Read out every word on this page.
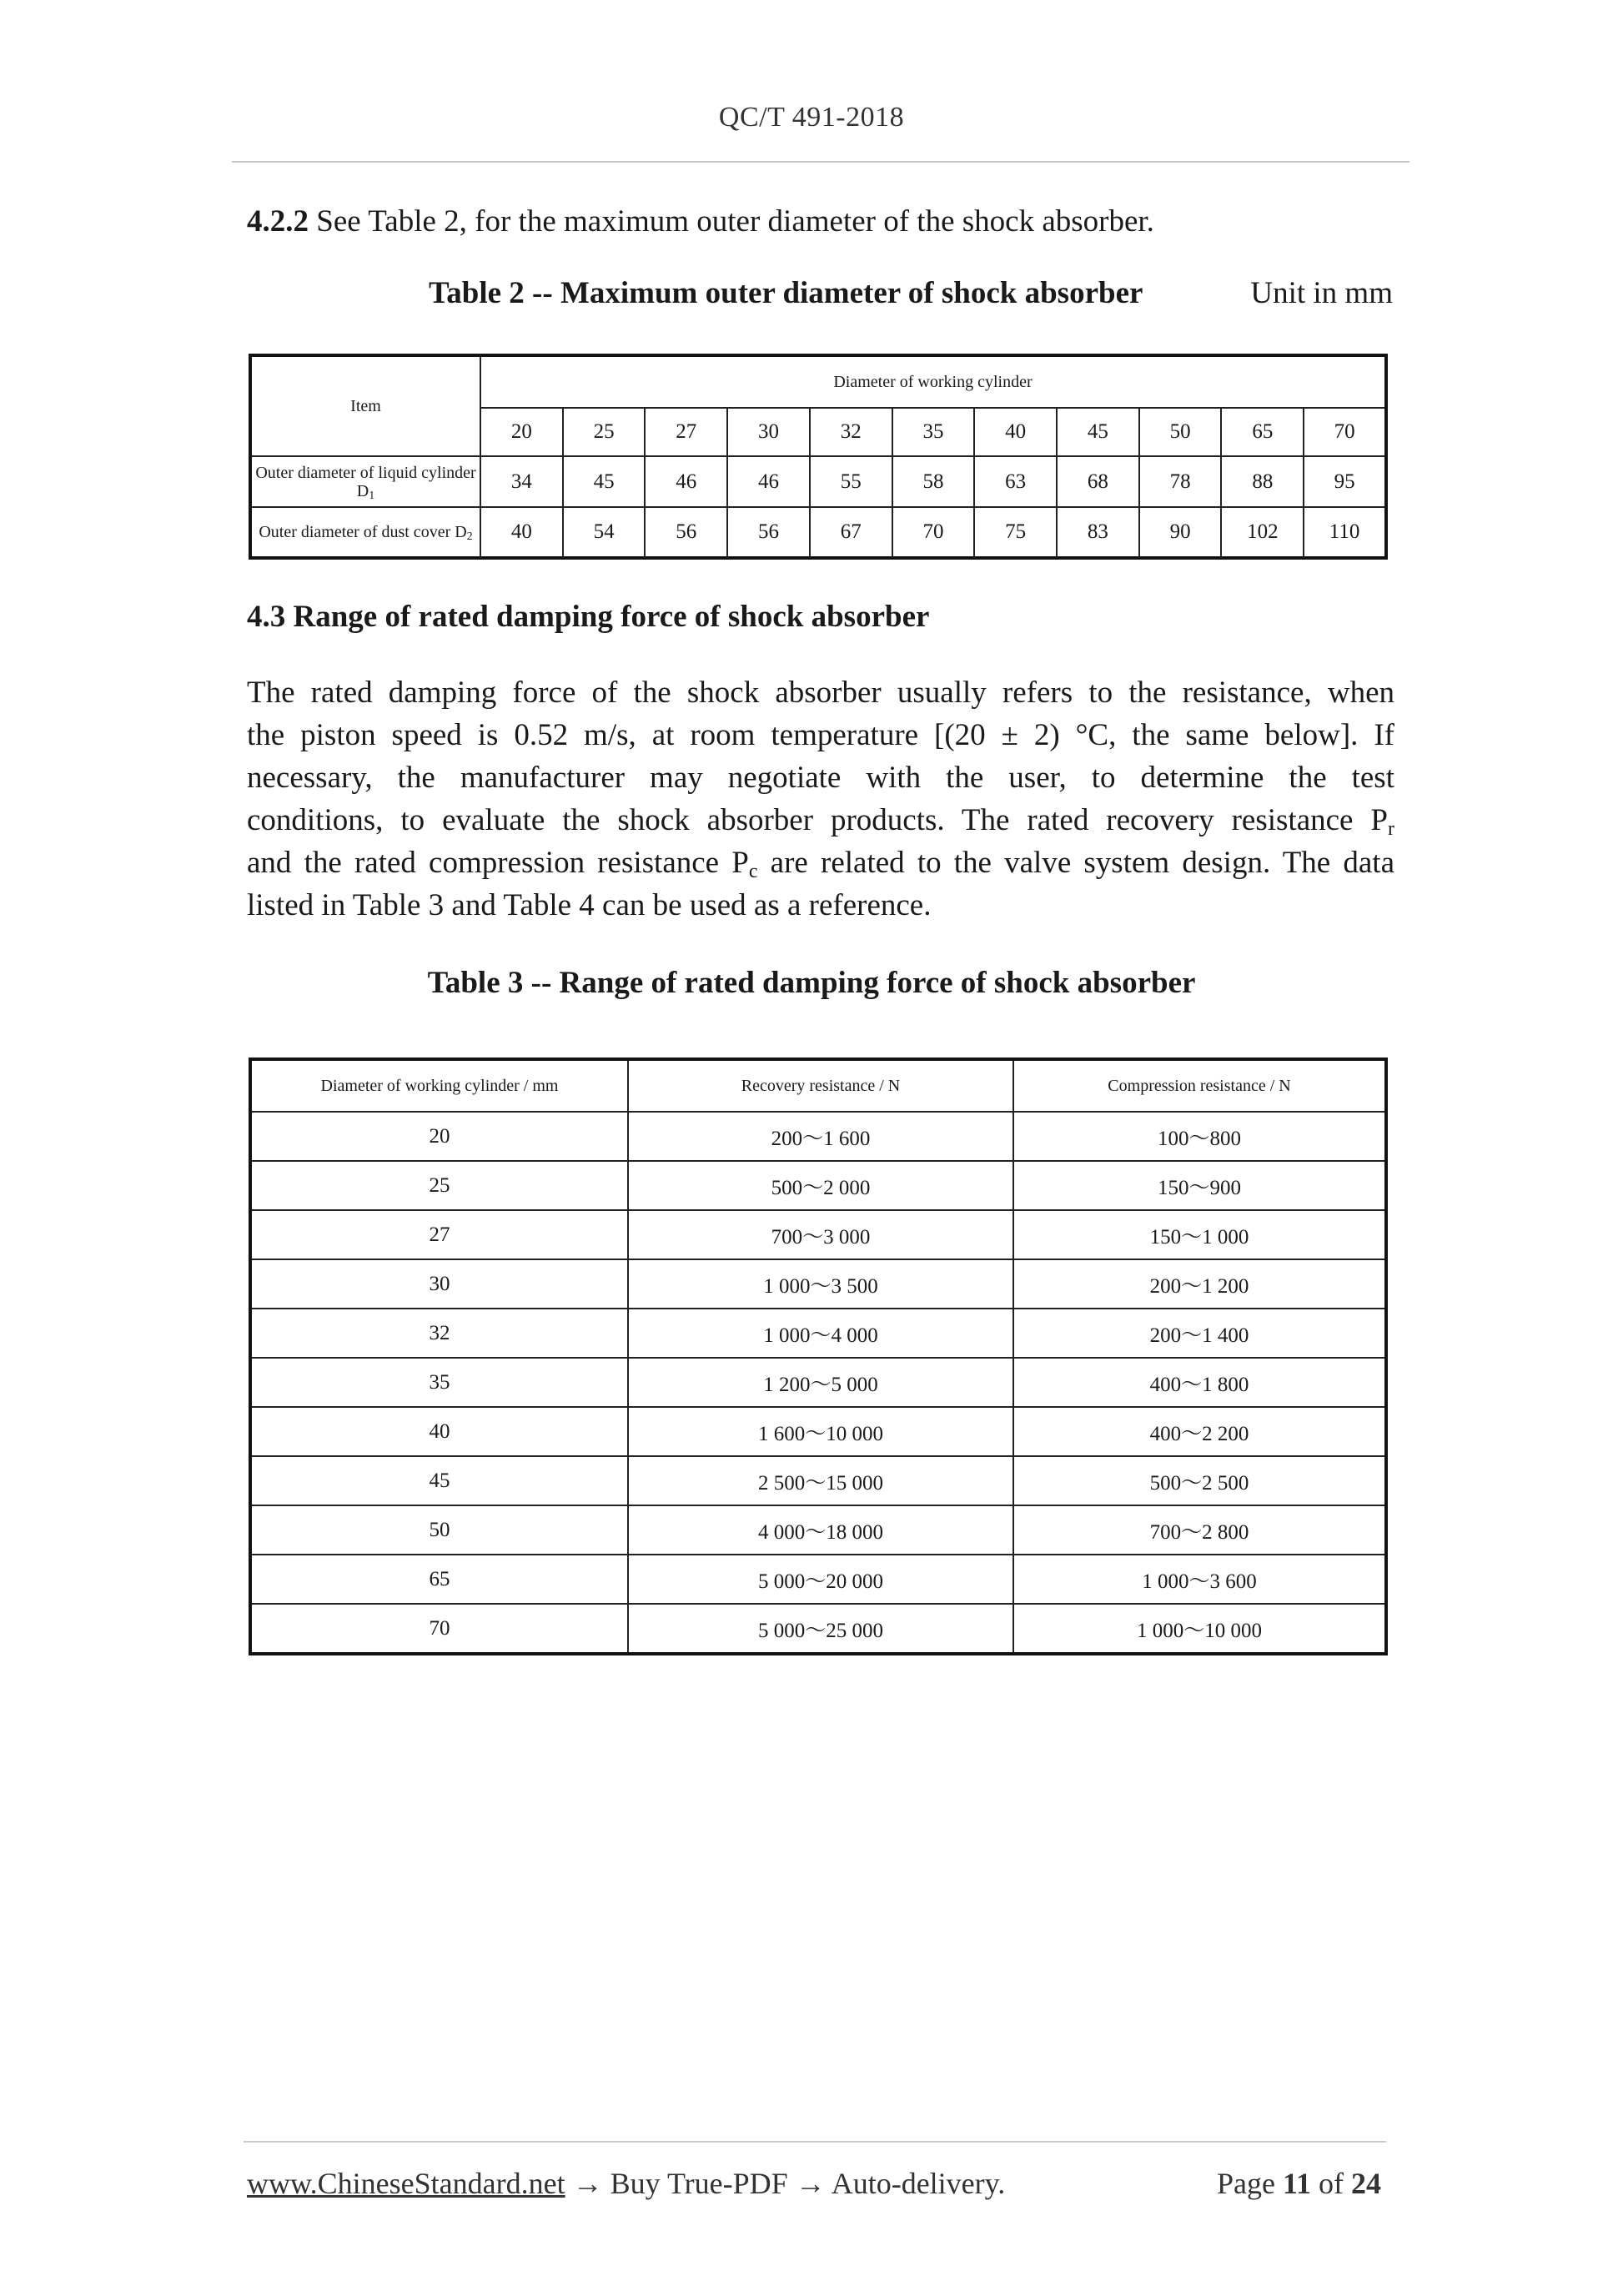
QC/T 491-2018
4.2.2 See Table 2, for the maximum outer diameter of the shock absorber.
Table 2 -- Maximum outer diameter of shock absorber	Unit in mm
Item	Diameter of working cylinder										
	20	25	27	30	32	35	40	45	50	65	70
Outer diameter of liquid cylinder $D_1$	34	45	46	46	55	58	63	68	78	88	95
Outer diameter of dust cover $D_2$	40	54	56	56	67	70	75	83	90	102	110
4.3 Range of rated damping force of shock absorber
The rated damping force of the shock absorber usually refers to the resistance, when
the piston speed is 0.52 m/s, at room temperature [(20 ± 2) °C, the same below]. If
necessary, the manufacturer may negotiate with the user, to determine the test
conditions, to evaluate the shock absorber products. The rated recovery resistance $P_r$
and the rated compression resistance $P_c$ are related to the valve system design. The data
listed in Table 3 and Table 4 can be used as a reference.
Table 3 -- Range of rated damping force of shock absorber
Diameter of working cylinder / mm	Recovery resistance / N	Compression resistance / N
20	200～1 600	100～800
25	500～2 000	150～900
27	700～3 000	150～1 000
30	1 000～3 500	200～1 200
32	1 000～4 000	200～1 400
35	1 200～5 000	400～1 800
40	1 600～10 000	400～2 200
45	2 500～15 000	500～2 500
50	4 000～18 000	700～2 800
65	5 000～20 000	1 000～3 600
70	5 000～25 000	1 000～10 000
www.ChineseStandard.net → Buy True-PDF → Auto-delivery.	Page 11 of 24
